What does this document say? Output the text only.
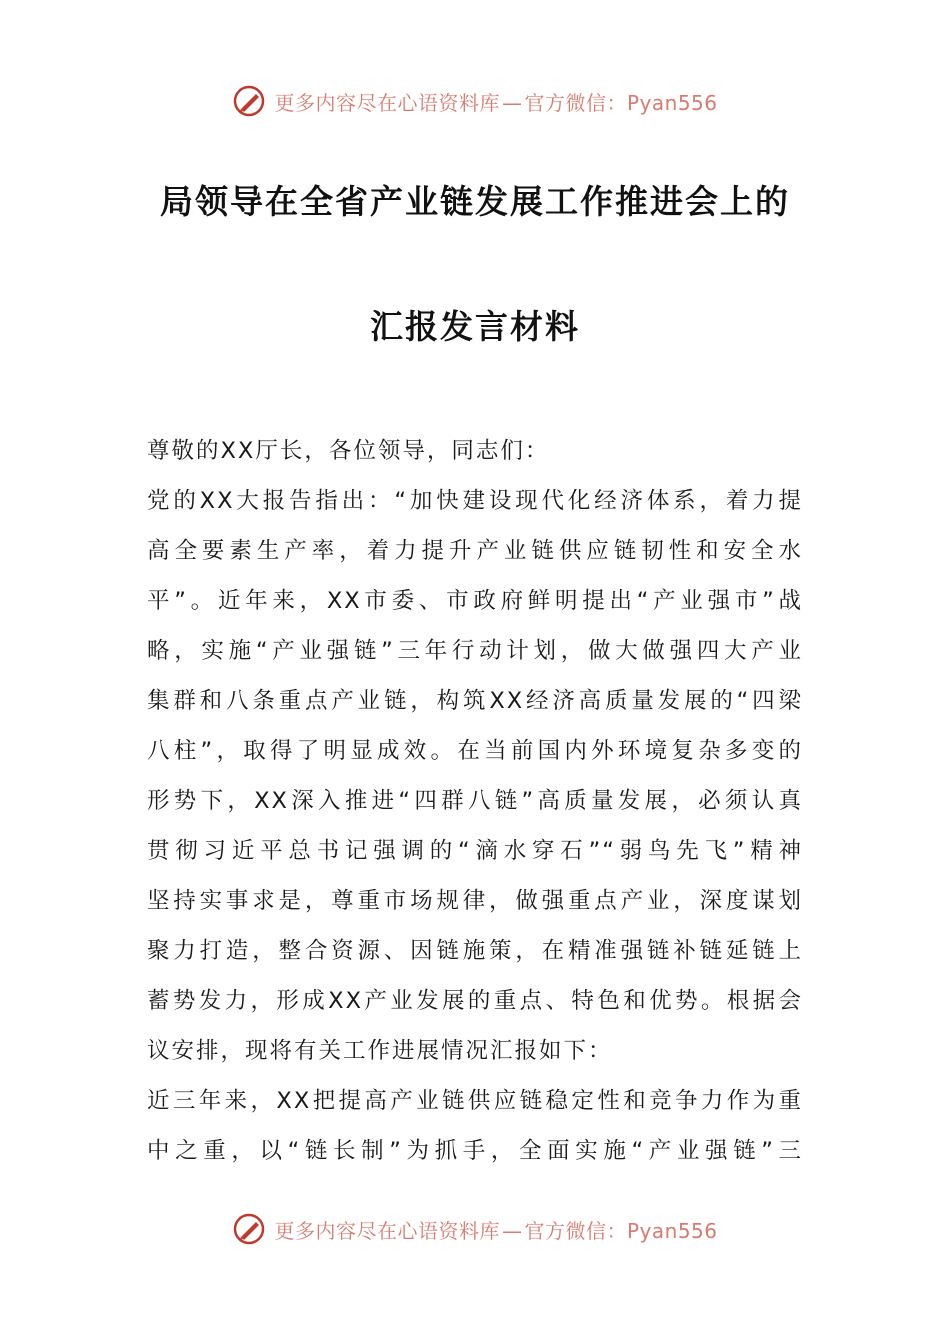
更多内容尽在心语资料库 — 官方微信：Pyan556
局领导在全省产业链发展工作推进会上的
汇报发言材料
尊敬的XX厅长，各位领导，同志们：
党的XX大报告指出：“加快建设现代化经济体系，着力提
高全要素生产率，着力提升产业链供应链韧性和安全水
平”。近年来，XX市委、市政府鲜明提出“产业强市”战
略，实施“产业强链”三年行动计划，做大做强四大产业
集群和八条重点产业链，构筑XX经济高质量发展的“四梁
八柱”，取得了明显成效。在当前国内外环境复杂多变的
形势下，XX深入推进“四群八链”高质量发展，必须认真
贯彻习近平总书记强调的“滴水穿石”“弱鸟先飞”精神
坚持实事求是，尊重市场规律，做强重点产业，深度谋划
聚力打造，整合资源、因链施策，在精准强链补链延链上
蓄势发力，形成XX产业发展的重点、特色和优势。根据会
议安排，现将有关工作进展情况汇报如下：
近三年来，XX把提高产业链供应链稳定性和竞争力作为重
中之重，以“链长制”为抓手，全面实施“产业强链”三
更多内容尽在心语资料库 — 官方微信：Pyan556
